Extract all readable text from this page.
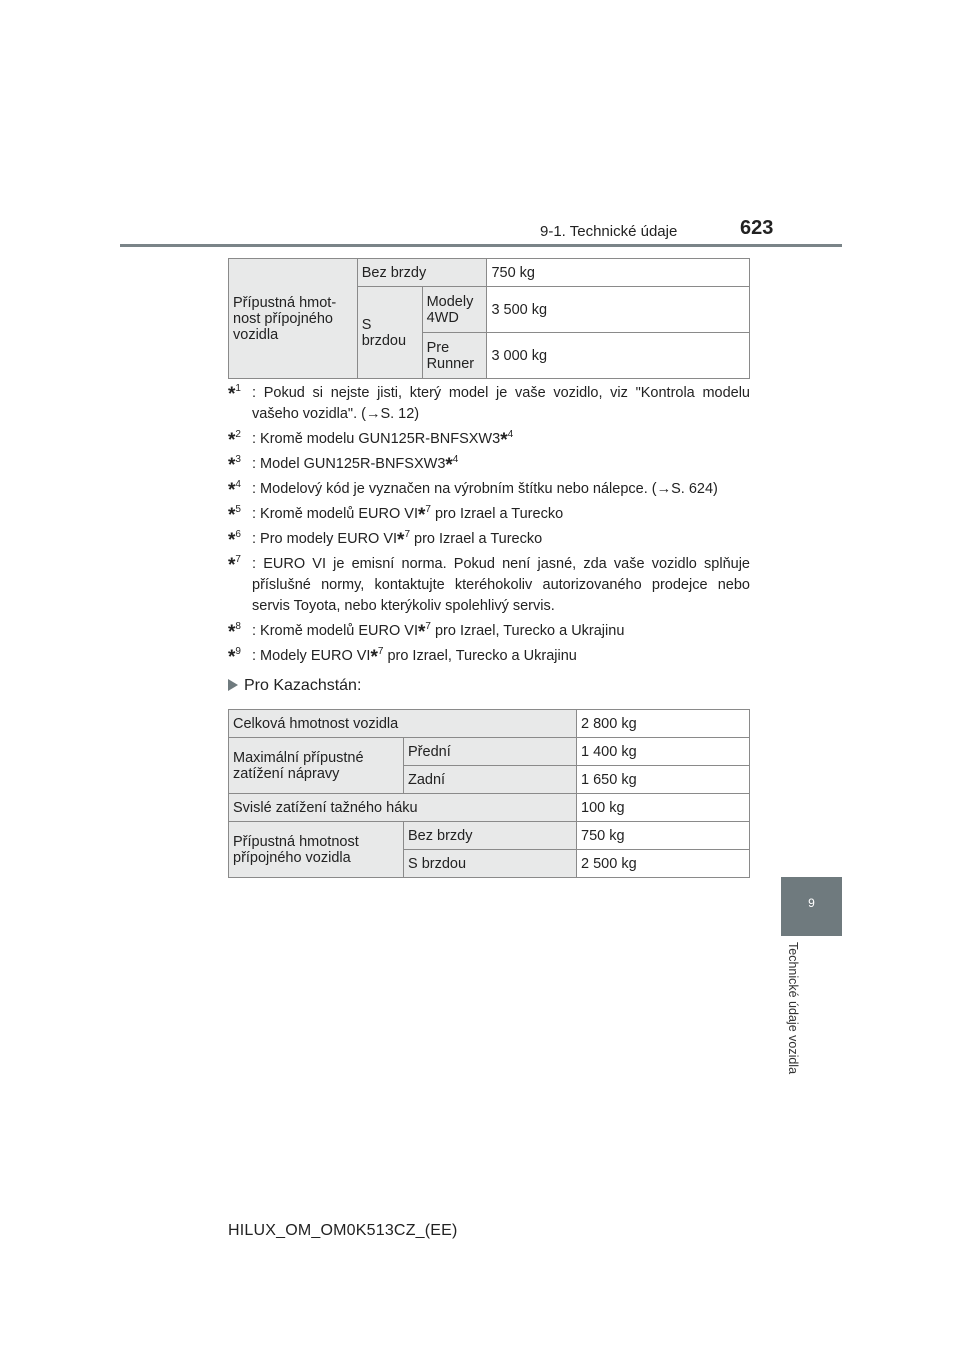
9-1. Technické údaje	623
9
Technické údaje vozidla
Přípustná hmot-nost přípojného vozidla	Bez brzdy		750 kg
	S brzdou	Modely 4WD	3 500 kg
		Pre Runner	3 000 kg
*$^1$ : Pokud si nejste jisti, který model je vaše vozidlo, viz "Kontrola modelu vašeho vozidla". (→S. 12)
*$^2$ : Kromě modelu GUN125R-BNFSXW3*$^4$
*$^3$ : Model GUN125R-BNFSXW3*$^4$
*$^4$ : Modelový kód je vyznačen na výrobním štítku nebo nálepce. (→S. 624)
*$^5$ : Kromě modelů EURO VI*$^7$ pro Izrael a Turecko
*$^6$ : Pro modely EURO VI*$^7$ pro Izrael a Turecko
*$^7$ : EURO VI je emisní norma. Pokud není jasné, zda vaše vozidlo splňuje příslušné normy, kontaktujte kteréhokoliv autorizovaného prodejce nebo servis Toyota, nebo kterýkoliv spolehlivý servis.
*$^8$ : Kromě modelů EURO VI*$^7$ pro Izrael, Turecko a Ukrajinu
*$^9$ : Modely EURO VI*$^7$ pro Izrael, Turecko a Ukrajinu
Pro Kazachstán:
Celková hmotnost vozidla		2 800 kg
Maximální přípustné zatížení nápravy	Přední	1 400 kg
	Zadní	1 650 kg
Svislé zatížení tažného háku		100 kg
Přípustná hmotnost přípojného vozidla	Bez brzdy	750 kg
	S brzdou	2 500 kg
HILUX_OM_OM0K513CZ_(EE)
